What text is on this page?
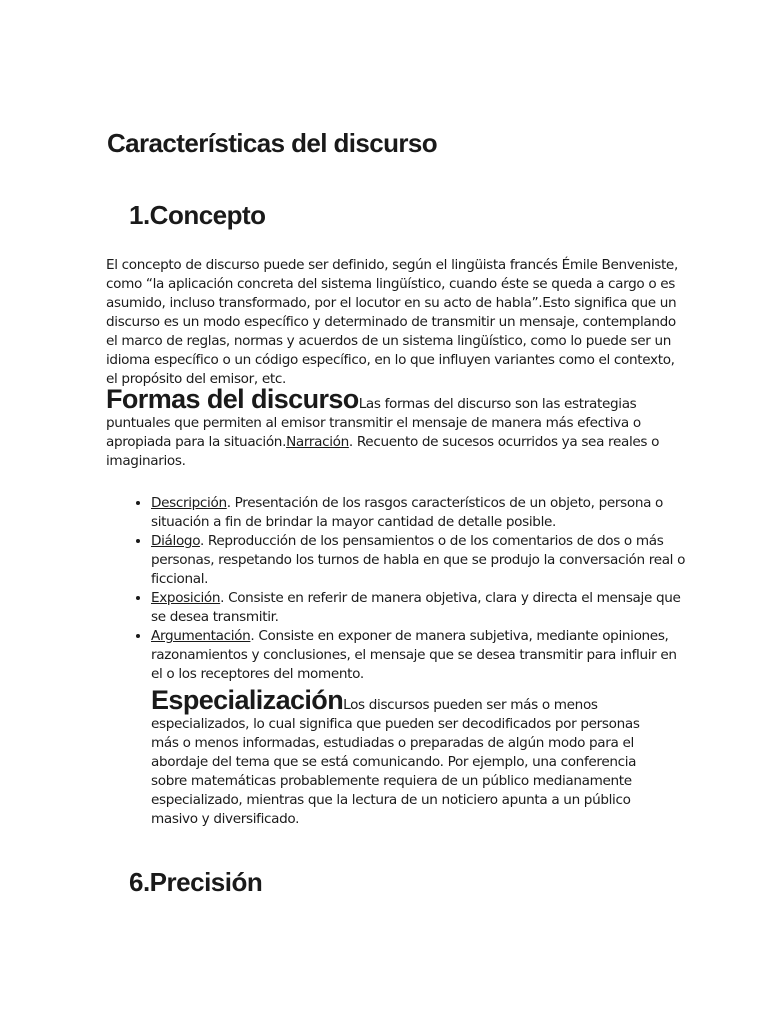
Características del discurso
1.Concepto

El concepto de discurso puede ser definido, según el lingüista francés Émile Benveniste, como “la aplicación concreta del sistema lingüístico, cuando éste se queda a cargo o es asumido, incluso transformado, por el locutor en su acto de habla”.Esto significa que un discurso es un modo específico y determinado de transmitir un mensaje, contemplando el marco de reglas, normas y acuerdos de un sistema lingüístico, como lo puede ser un idioma específico o un código específico, en lo que influyen variantes como el contexto, el propósito del emisor, etc.

Formas del discursoLas formas del discurso son las estrategias puntuales que permiten al emisor transmitir el mensaje de manera más efectiva o apropiada para la situación.Narración. Recuento de sucesos ocurridos ya sea reales o imaginarios.

• Descripción. Presentación de los rasgos característicos de un objeto, persona o situación a fin de brindar la mayor cantidad de detalle posible.
• Diálogo. Reproducción de los pensamientos o de los comentarios de dos o más personas, respetando los turnos de habla en que se produjo la conversación real o ficcional.
• Exposición. Consiste en referir de manera objetiva, clara y directa el mensaje que se desea transmitir.
• Argumentación. Consiste en exponer de manera subjetiva, mediante opiniones, razonamientos y conclusiones, el mensaje que se desea transmitir para influir en el o los receptores del momento.

EspecializaciónLos discursos pueden ser más o menos especializados, lo cual significa que pueden ser decodificados por personas más o menos informadas, estudiadas o preparadas de algún modo para el abordaje del tema que se está comunicando. Por ejemplo, una conferencia sobre matemáticas probablemente requiera de un público medianamente especializado, mientras que la lectura de un noticiero apunta a un público masivo y diversificado.

6.Precisión
